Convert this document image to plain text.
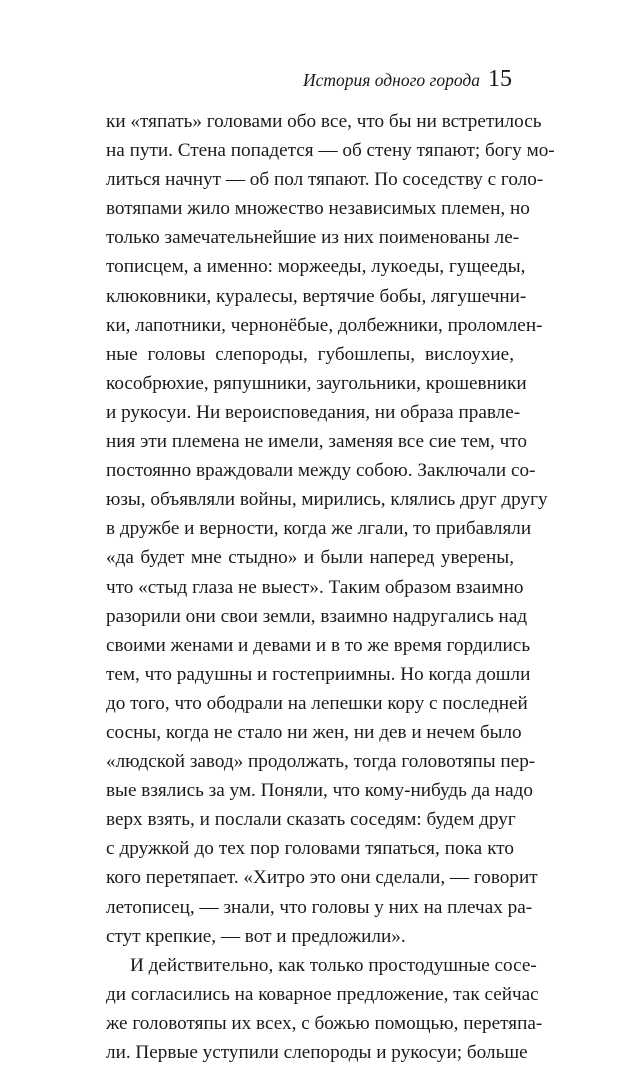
История одного города 15
ки «тяпать» головами обо все, что бы ни встретилось
на пути. Стена попадется — об стену тяпают; богу мо-
литься начнут — об пол тяпают. По соседству с голо-
вотяпами жило множество независимых племен, но
только замечательнейшие из них поименованы ле-
тописцем, а именно: моржееды, лукоеды, гущееды,
клюковники, куралесы, вертячие бобы, лягушечни-
ки, лапотники, чернонёбые, долбежники, проломлен-
ные головы слепороды, губошлепы, вислоухие,
кособрюхие, ряпушники, заугольники, крошевники
и рукосуи. Ни вероисповедания, ни образа правле-
ния эти племена не имели, заменяя все сие тем, что
постоянно враждовали между собою. Заключали со-
юзы, объявляли войны, мирились, клялись друг другу
в дружбе и верности, когда же лгали, то прибавляли
«да будет мне стыдно» и были наперед уверены,
что «стыд глаза не выест». Таким образом взаимно
разорили они свои земли, взаимно надругались над
своими женами и девами и в то же время гордились
тем, что радушны и гостеприимны. Но когда дошли
до того, что ободрали на лепешки кору с последней
сосны, когда не стало ни жен, ни дев и нечем было
«людской завод» продолжать, тогда головотяпы пер-
вые взялись за ум. Поняли, что кому-нибудь да надо
верх взять, и послали сказать соседям: будем друг
с дружкой до тех пор головами тяпаться, пока кто
кого перетяпает. «Хитро это они сделали, — говорит
летописец, — знали, что головы у них на плечах ра-
стут крепкие, — вот и предложили».
И действительно, как только простодушные сосе-
ди согласились на коварное предложение, так сейчас
же головотяпы их всех, с божью помощью, перетяпа-
ли. Первые уступили слепороды и рукосуи; больше
